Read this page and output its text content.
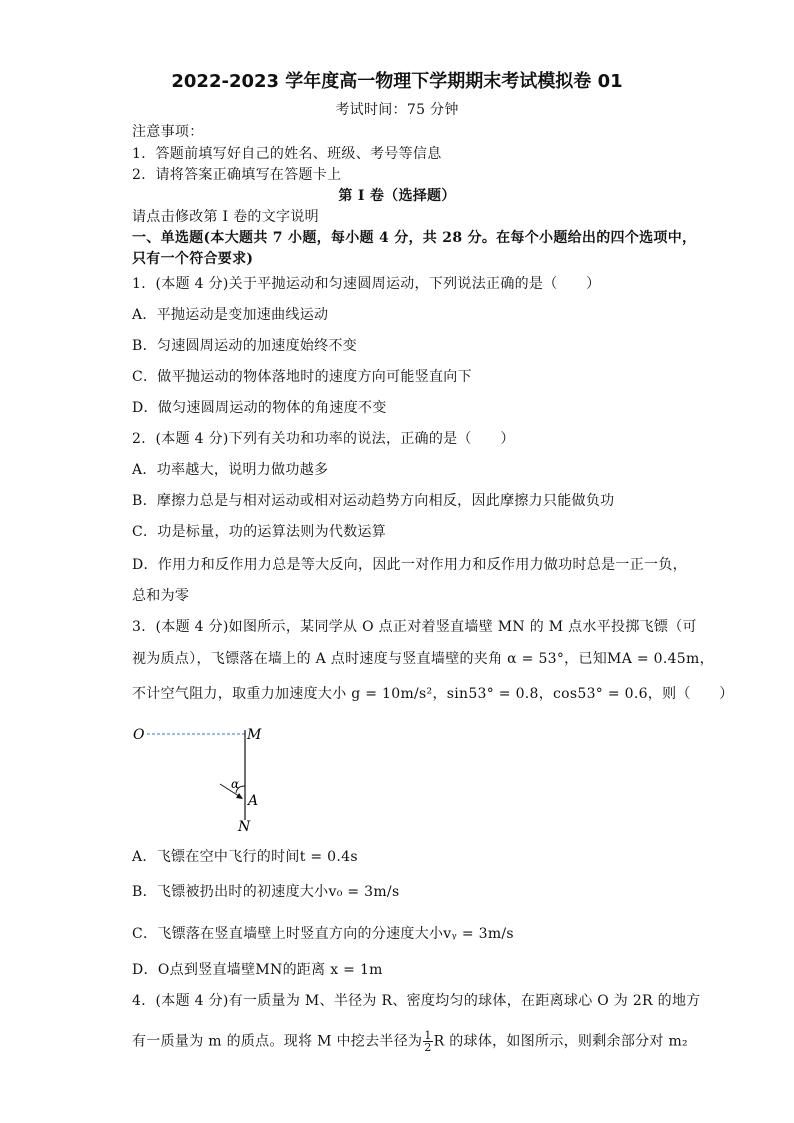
2022-2023 学年度高一物理下学期期末考试模拟卷 01
考试时间：75 分钟
注意事项：
1．答题前填写好自己的姓名、班级、考号等信息
2．请将答案正确填写在答题卡上
第 I 卷（选择题）
请点击修改第 I 卷的文字说明
一、单选题(本大题共 7 小题，每小题 4 分，共 28 分。在每个小题给出的四个选项中，
只有一个符合要求)
1．(本题 4 分)关于平抛运动和匀速圆周运动，下列说法正确的是（　　）
A．平抛运动是变加速曲线运动
B．匀速圆周运动的加速度始终不变
C．做平抛运动的物体落地时的速度方向可能竖直向下
D．做匀速圆周运动的物体的角速度不变
2．(本题 4 分)下列有关功和功率的说法，正确的是（　　）
A．功率越大，说明力做功越多
B．摩擦力总是与相对运动或相对运动趋势方向相反，因此摩擦力只能做负功
C．功是标量，功的运算法则为代数运算
D．作用力和反作用力总是等大反向，因此一对作用力和反作用力做功时总是一正一负，
总和为零
3．(本题 4 分)如图所示，某同学从 O 点正对着竖直墙壁 MN 的 M 点水平投掷飞镖（可
视为质点），飞镖落在墙上的 A 点时速度与竖直墙壁的夹角 α = 53°，已知MA = 0.45m，
不计空气阻力，取重力加速度大小 g = 10m/s²，sin53° = 0.8，cos53° = 0.6，则（　　）
O	M
α
A
N
A．飞镖在空中飞行的时间t = 0.4s
B．飞镖被扔出时的初速度大小v₀ = 3m/s
C．飞镖落在竖直墙壁上时竖直方向的分速度大小vᵧ = 3m/s
D．O点到竖直墙壁MN的距离 x = 1m
4．(本题 4 分)有一质量为 M、半径为 R、密度均匀的球体，在距离球心 O 为 2R 的地方
有一质量为 m 的质点。现将 M 中挖去半径为 $\frac{1}{2}$ R 的球体，如图所示，则剩余部分对 m₂
